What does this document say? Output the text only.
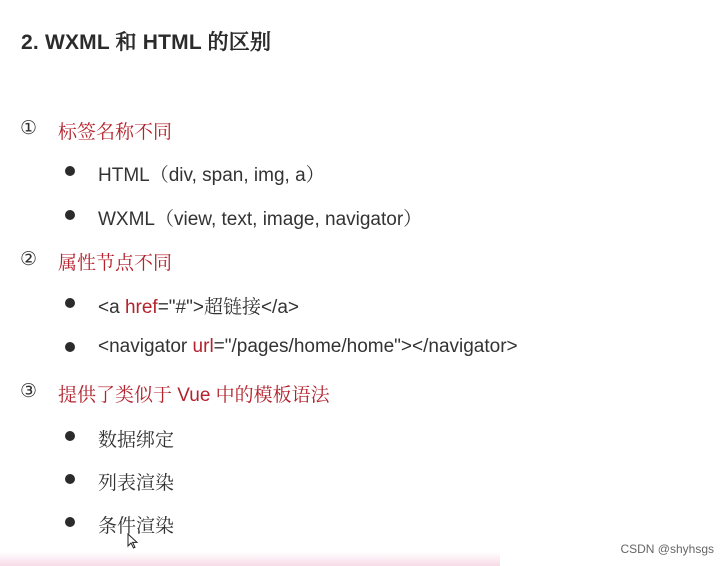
2. WXML 和 HTML 的区别
① 标签名称不同
HTML（div, span, img, a）
WXML（view, text, image, navigator）
② 属性节点不同
<a href="#">超链接</a>
<navigator url="/pages/home/home"></navigator>
③ 提供了类似于 Vue 中的模板语法
数据绑定
列表渲染
条件渲染
CSDN @shyhsgs
